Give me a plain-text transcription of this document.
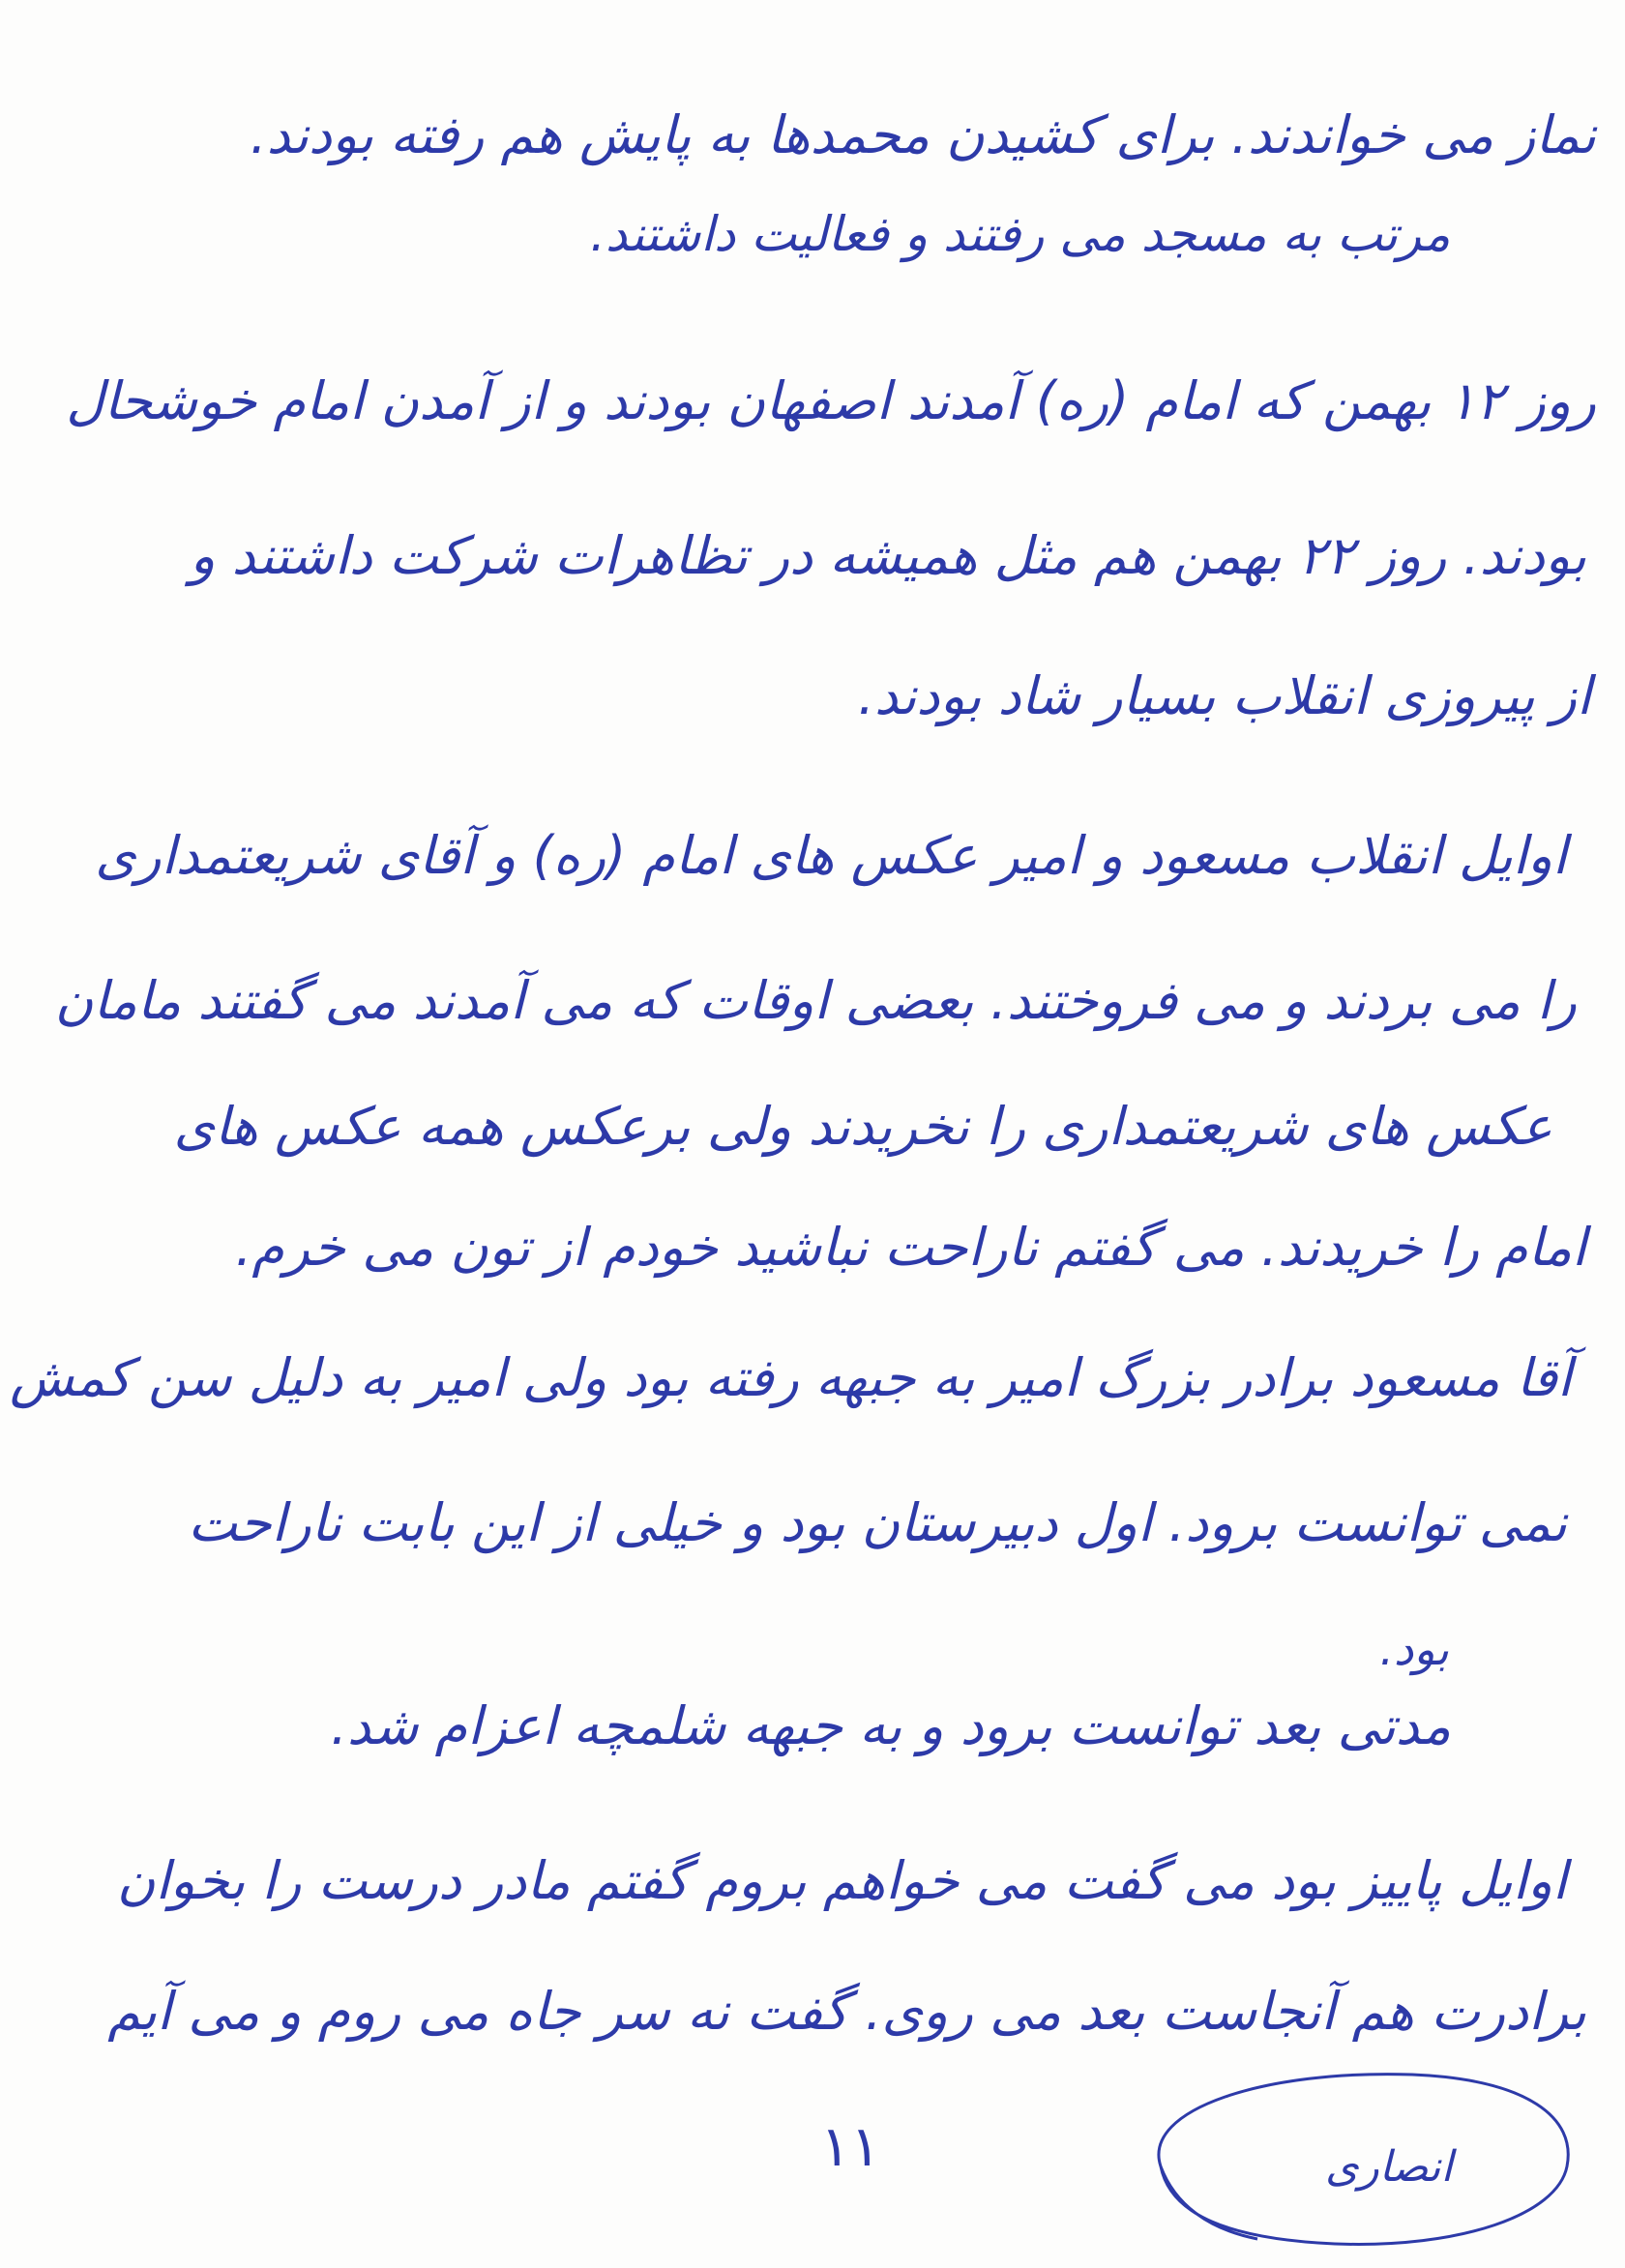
نماز می خواندند. برای کشیدن محمدها به پایش هم رفته بودند.
مرتب به مسجد می رفتند و فعالیت داشتند.
روز ۱۲ بهمن که امام (ره) آمدند اصفهان بودند و از آمدن امام خوشحال
بودند. روز ۲۲ بهمن هم مثل همیشه در تظاهرات شرکت داشتند و
از پیروزی انقلاب بسیار شاد بودند.
اوایل انقلاب مسعود و امیر عکس های امام (ره) و آقای شریعتمداری
را می بردند و می فروختند. بعضی اوقات که می آمدند می گفتند مامان
عکس های شریعتمداری را نخریدند ولی برعکس همه عکس های
امام را خریدند. می گفتم ناراحت نباشید خودم از تون می خرم.
آقا مسعود برادر بزرگ امیر به جبهه رفته بود ولی امیر به دلیل سن کمش
نمی توانست برود. اول دبیرستان بود و خیلی از این بابت ناراحت
بود.
مدتی بعد توانست برود و به جبهه شلمچه اعزام شد.
اوایل پاییز بود می گفت می خواهم بروم گفتم مادر درست را بخوان
برادرت هم آنجاست بعد می روی. گفت نه سر جاه می روم و می آیم
۱۱	انصاری
